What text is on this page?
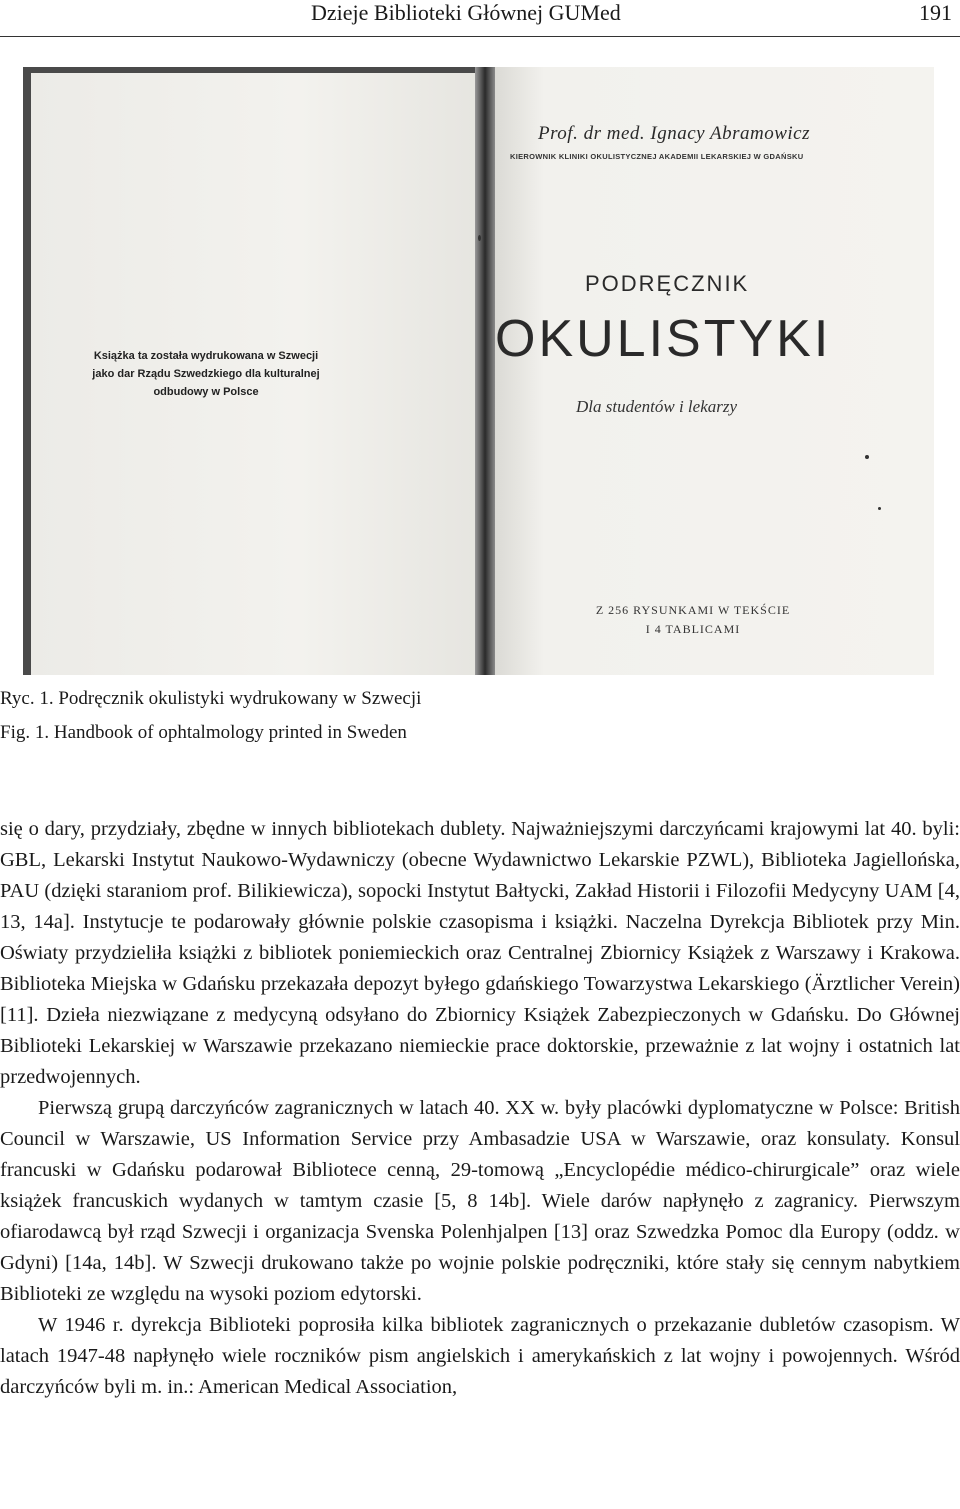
Dzieje Biblioteki Głównej GUMed	191
Książka ta została wydrukowana w Szwecji
jako dar Rządu Szwedzkiego dla kulturalnej
odbudowy w Polsce
Prof. dr med. Ignacy Abramowicz
KIEROWNIK KLINIKI OKULISTYCZNEJ AKADEMII LEKARSKIEJ W GDAŃSKU
PODRĘCZNIK
OKULISTYKI
Dla studentów i lekarzy
Z 256 RYSUNKAMI W TEKŚCIE
I 4 TABLICAMI
Ryc. 1. Podręcznik okulistyki wydrukowany w Szwecji
Fig. 1. Handbook of ophtalmology printed in Sweden

się o dary, przydziały, zbędne w innych bibliotekach dublety. Najważniejszymi darczyńcami krajowymi lat 40. byli: GBL, Lekarski Instytut Naukowo-Wydawniczy (obecne Wydawnictwo Lekarskie PZWL), Biblioteka Jagiellońska, PAU (dzięki staraniom prof. Bilikiewicza), sopocki Instytut Bałtycki, Zakład Historii i Filozofii Medycyny UAM [4, 13, 14a]. Instytucje te podarowały głównie polskie czasopisma i książki. Naczelna Dyrekcja Bibliotek przy Min. Oświaty przydzieliła książki z bibliotek poniemieckich oraz Centralnej Zbiornicy Książek z Warszawy i Krakowa. Biblioteka Miejska w Gdańsku przekazała depozyt byłego gdańskiego Towarzystwa Lekarskiego (Ärztlicher Verein) [11]. Dzieła niezwiązane z medycyną odsyłano do Zbiornicy Książek Zabezpieczonych w Gdańsku. Do Głównej Biblioteki Lekarskiej w Warszawie przekazano niemieckie prace doktorskie, przeważnie z lat wojny i ostatnich lat przedwojennych.

Pierwszą grupą darczyńców zagranicznych w latach 40. XX w. były placówki dyplomatyczne w Polsce: British Council w Warszawie, US Information Service przy Ambasadzie USA w Warszawie, oraz konsulaty. Konsul francuski w Gdańsku podarował Bibliotece cenną, 29-tomową „Encyclopédie médico-chirurgicale” oraz wiele książek francuskich wydanych w tamtym czasie [5, 8 14b]. Wiele darów napłynęło z zagranicy. Pierwszym ofiarodawcą był rząd Szwecji i organizacja Svenska Polenhjalpen [13] oraz Szwedzka Pomoc dla Europy (oddz. w Gdyni) [14a, 14b]. W Szwecji drukowano także po wojnie polskie podręczniki, które stały się cennym nabytkiem Biblioteki ze względu na wysoki poziom edytorski.

W 1946 r. dyrekcja Biblioteki poprosiła kilka bibliotek zagranicznych o przekazanie dubletów czasopism. W latach 1947-48 napłynęło wiele roczników pism angielskich i amerykańskich z lat wojny i powojennych. Wśród darczyńców byli m. in.: American Medical Association,
